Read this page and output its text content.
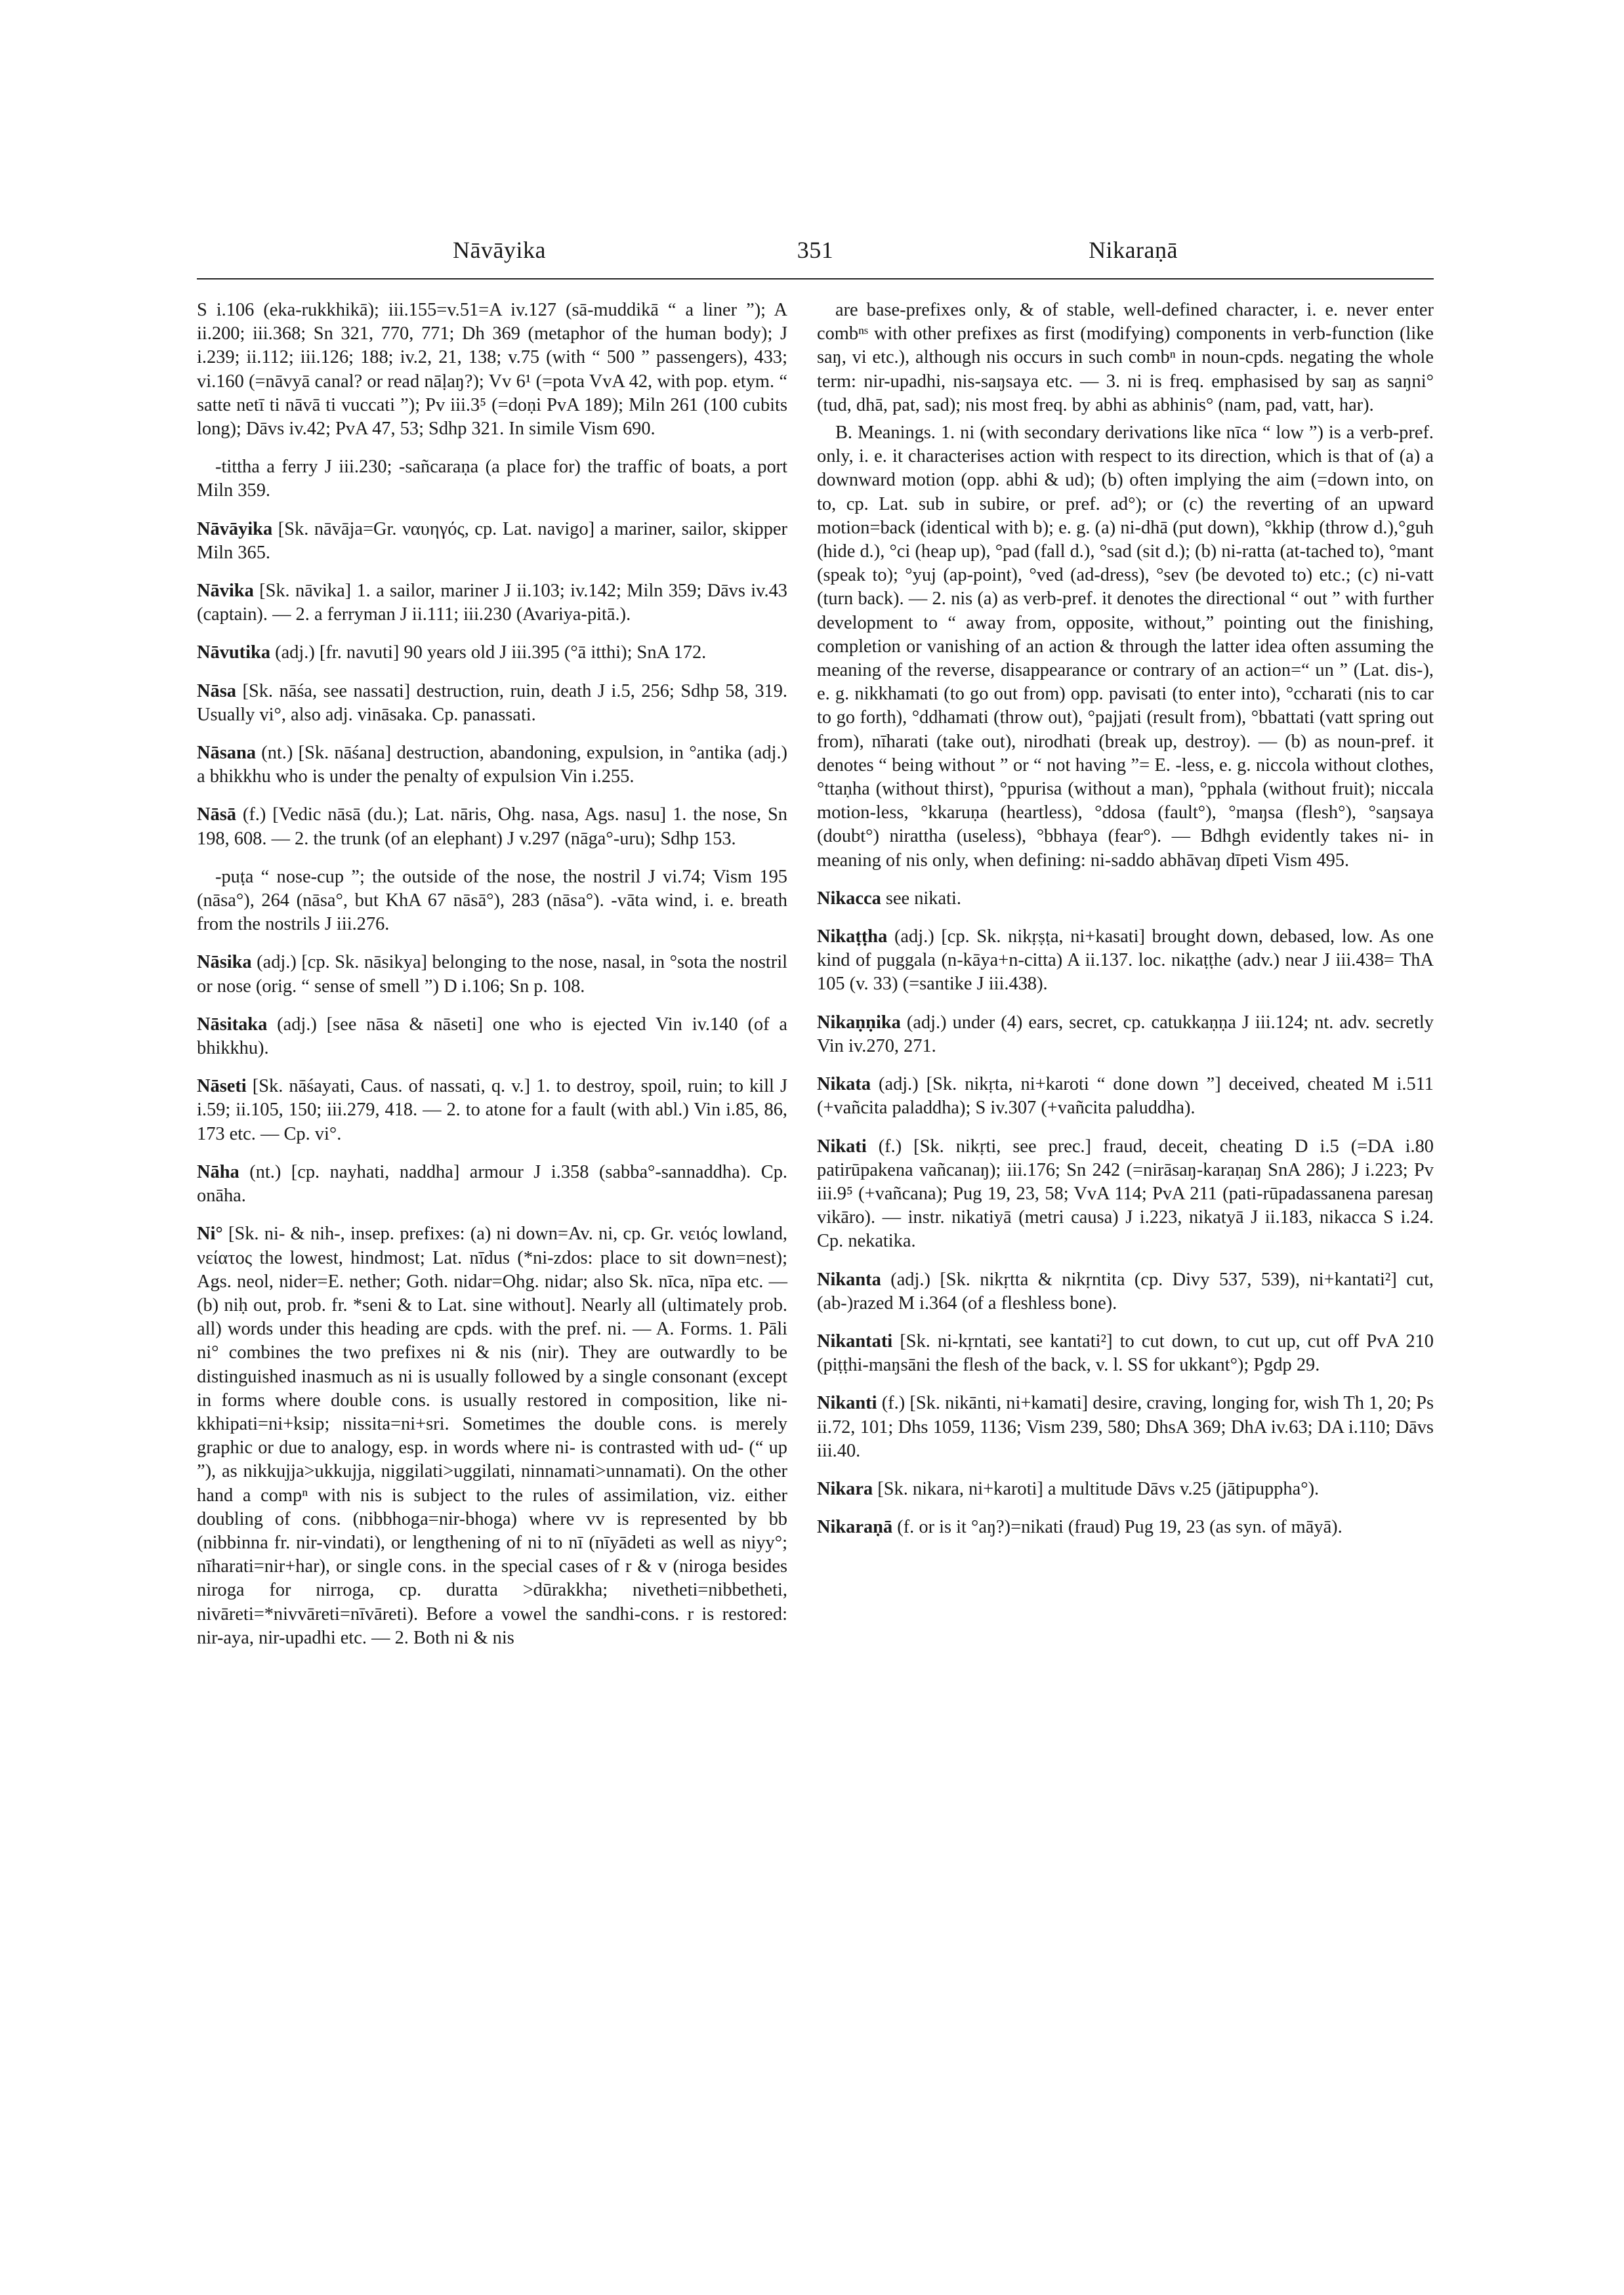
Nāvāyika	351	Nikaraṇā

S i.106 (eka-rukkhikā); iii.155=v.51=A iv.127 (sā-muddikā “ a liner ”); A ii.200; iii.368; Sn 321, 770, 771; Dh 369 (metaphor of the human body); J i.239; ii.112; iii.126; 188; iv.2, 21, 138; v.75 (with “ 500 ” passengers), 433; vi.160 (=nāvyā canal? or read nāḷaŋ?); Vv 6¹ (=pota VvA 42, with pop. etym. “ satte netī ti nāvā ti vuccati ”); Pv iii.3⁵ (=doṇi PvA 189); Miln 261 (100 cubits long); Dāvs iv.42; PvA 47, 53; Sdhp 321. In simile Vism 690.

-tittha a ferry J iii.230; -sañcaraṇa (a place for) the traffic of boats, a port Miln 359.

Nāvāyika [Sk. nāvāja=Gr. ναυηγός, cp. Lat. navigo] a mariner, sailor, skipper Miln 365.

Nāvika [Sk. nāvika] 1. a sailor, mariner J ii.103; iv.142; Miln 359; Dāvs iv.43 (captain). — 2. a ferryman J ii.111; iii.230 (Avariya-pitā.).

Nāvutika (adj.) [fr. navuti] 90 years old J iii.395 (°ā itthi); SnA 172.

Nāsa [Sk. nāśa, see nassati] destruction, ruin, death J i.5, 256; Sdhp 58, 319. Usually vi°, also adj. vināsaka. Cp. panassati.

Nāsana (nt.) [Sk. nāśana] destruction, abandoning, expulsion, in °antika (adj.) a bhikkhu who is under the penalty of expulsion Vin i.255.

Nāsā (f.) [Vedic nāsā (du.); Lat. nāris, Ohg. nasa, Ags. nasu] 1. the nose, Sn 198, 608. — 2. the trunk (of an elephant) J v.297 (nāga°-uru); Sdhp 153.

-puṭa “ nose-cup ”; the outside of the nose, the nostril J vi.74; Vism 195 (nāsa°), 264 (nāsa°, but KhA 67 nāsā°), 283 (nāsa°). -vāta wind, i. e. breath from the nostrils J iii.276.

Nāsika (adj.) [cp. Sk. nāsikya] belonging to the nose, nasal, in °sota the nostril or nose (orig. “ sense of smell ”) D i.106; Sn p. 108.

Nāsitaka (adj.) [see nāsa & nāseti] one who is ejected Vin iv.140 (of a bhikkhu).

Nāseti [Sk. nāśayati, Caus. of nassati, q. v.] 1. to destroy, spoil, ruin; to kill J i.59; ii.105, 150; iii.279, 418. — 2. to atone for a fault (with abl.) Vin i.85, 86, 173 etc. — Cp. vi°.

Nāha (nt.) [cp. nayhati, naddha] armour J i.358 (sabba°-sannaddha). Cp. onāha.

Ni° [Sk. ni- & nih-, insep. prefixes: (a) ni down=Av. ni, cp. Gr. νειός lowland, νείατος the lowest, hindmost; Lat. nīdus (*ni-zdos: place to sit down=nest); Ags. neol, nider=E. nether; Goth. nidar=Ohg. nidar; also Sk. nīca, nīpa etc. — (b) niḥ out, prob. fr. *seni & to Lat. sine without]. Nearly all (ultimately prob. all) words under this heading are cpds. with the pref. ni. — A. Forms. 1. Pāli ni° combines the two prefixes ni & nis (nir). They are outwardly to be distinguished inasmuch as ni is usually followed by a single consonant (except in forms where double cons. is usually restored in composition, like ni-kkhipati=ni+ksip; nissita=ni+sri. Sometimes the double cons. is merely graphic or due to analogy, esp. in words where ni- is contrasted with ud- (“ up ”), as nikkujja>ukkujja, niggilati>uggilati, ninnamati>unnamati). On the other hand a compⁿ with nis is subject to the rules of assimilation, viz. either doubling of cons. (nibbhoga=nir-bhoga) where vv is represented by bb (nibbinna fr. nir-vindati), or lengthening of ni to nī (nīyādeti as well as niyy°; nīharati=nir+har), or single cons. in the special cases of r & v (niroga besides niroga for nirroga, cp. duratta >dūrakkha; nivetheti=nibbetheti, nivāreti=*nivvāreti=nīvāreti). Before a vowel the sandhi-cons. r is restored: nir-aya, nir-upadhi etc. — 2. Both ni & nis

are base-prefixes only, & of stable, well-defined character, i. e. never enter combⁿˢ with other prefixes as first (modifying) components in verb-function (like saŋ, vi etc.), although nis occurs in such combⁿ in noun-cpds. negating the whole term: nir-upadhi, nis-saŋsaya etc. — 3. ni is freq. emphasised by saŋ as saŋni° (tud, dhā, pat, sad); nis most freq. by abhi as abhinis° (nam, pad, vatt, har).

B. Meanings. 1. ni (with secondary derivations like nīca “ low ”) is a verb-pref. only, i. e. it characterises action with respect to its direction, which is that of (a) a downward motion (opp. abhi & ud); (b) often implying the aim (=down into, on to, cp. Lat. sub in subire, or pref. ad°); or (c) the reverting of an upward motion=back (identical with b); e. g. (a) ni-dhā (put down), °kkhip (throw d.),°guh (hide d.), °ci (heap up), °pad (fall d.), °sad (sit d.); (b) ni-ratta (at-tached to), °mant (speak to); °yuj (ap-point), °ved (ad-dress), °sev (be devoted to) etc.; (c) ni-vatt (turn back). — 2. nis (a) as verb-pref. it denotes the directional “ out ” with further development to “ away from, opposite, without,” pointing out the finishing, completion or vanishing of an action & through the latter idea often assuming the meaning of the reverse, disappearance or contrary of an action=“ un ” (Lat. dis-), e. g. nikkhamati (to go out from) opp. pavisati (to enter into), °ccharati (nis to car to go forth), °ddhamati (throw out), °pajjati (result from), °bbattati (vatt spring out from), nīharati (take out), nirodhati (break up, destroy). — (b) as noun-pref. it denotes “ being without ” or “ not having ”= E. -less, e. g. niccola without clothes, °ttaṇha (without thirst), °ppurisa (without a man), °pphala (without fruit); niccala motion-less, °kkaruṇa (heartless), °ddosa (fault°), °maŋsa (flesh°), °saŋsaya (doubt°) nirattha (useless), °bbhaya (fear°). — Bdhgh evidently takes ni- in meaning of nis only, when defining: ni-saddo abhāvaŋ dīpeti Vism 495.

Nikacca see nikati.

Nikaṭṭha (adj.) [cp. Sk. nikṛṣṭa, ni+kasati] brought down, debased, low. As one kind of puggala (n-kāya+n-citta) A ii.137. loc. nikaṭṭhe (adv.) near J iii.438= ThA 105 (v. 33) (=santike J iii.438).

Nikaṇṇika (adj.) under (4) ears, secret, cp. catukkaṇṇa J iii.124; nt. adv. secretly Vin iv.270, 271.

Nikata (adj.) [Sk. nikṛta, ni+karoti “ done down ”] deceived, cheated M i.511 (+vañcita paladdha); S iv.307 (+vañcita paluddha).

Nikati (f.) [Sk. nikṛti, see prec.] fraud, deceit, cheating D i.5 (=DA i.80 patirūpakena vañcanaŋ); iii.176; Sn 242 (=nirāsaŋ-karaṇaŋ SnA 286); J i.223; Pv iii.9⁵ (+vañcana); Pug 19, 23, 58; VvA 114; PvA 211 (pati-rūpadassanena paresaŋ vikāro). — instr. nikatiyā (metri causa) J i.223, nikatyā J ii.183, nikacca S i.24. Cp. nekatika.

Nikanta (adj.) [Sk. nikṛtta & nikṛntita (cp. Divy 537, 539), ni+kantati²] cut, (ab-)razed M i.364 (of a fleshless bone).

Nikantati [Sk. ni-kṛntati, see kantati²] to cut down, to cut up, cut off PvA 210 (piṭṭhi-maŋsāni the flesh of the back, v. l. SS for ukkant°); Pgdp 29.

Nikanti (f.) [Sk. nikānti, ni+kamati] desire, craving, longing for, wish Th 1, 20; Ps ii.72, 101; Dhs 1059, 1136; Vism 239, 580; DhsA 369; DhA iv.63; DA i.110; Dāvs iii.40.

Nikara [Sk. nikara, ni+karoti] a multitude Dāvs v.25 (jātipuppha°).

Nikaraṇā (f. or is it °aŋ?)=nikati (fraud) Pug 19, 23 (as syn. of māyā).
